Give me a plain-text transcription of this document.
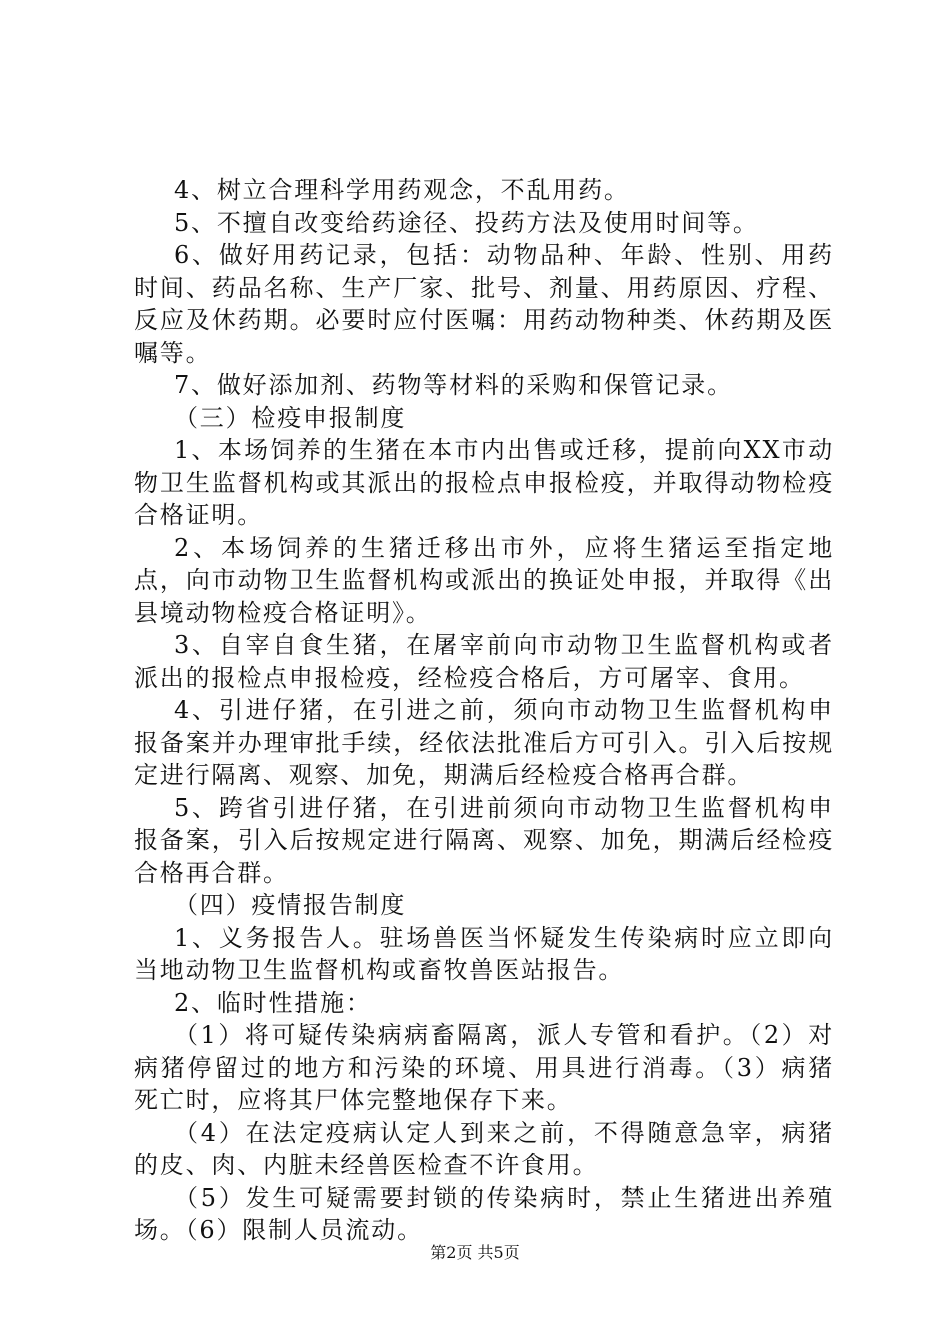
4、树立合理科学用药观念，不乱用药。

5、不擅自改变给药途径、投药方法及使用时间等。

6、做好用药记录，包括：动物品种、年龄、性别、用药时间、药品名称、生产厂家、批号、剂量、用药原因、疗程、反应及休药期。必要时应付医嘱：用药动物种类、休药期及医嘱等。

7、做好添加剂、药物等材料的采购和保管记录。

（三）检疫申报制度

1、本场饲养的生猪在本市内出售或迁移，提前向XX市动物卫生监督机构或其派出的报检点申报检疫，并取得动物检疫合格证明。

2、本场饲养的生猪迁移出市外，应将生猪运至指定地点，向市动物卫生监督机构或派出的换证处申报，并取得《出县境动物检疫合格证明》。

3、自宰自食生猪，在屠宰前向市动物卫生监督机构或者派出的报检点申报检疫，经检疫合格后，方可屠宰、食用。

4、引进仔猪，在引进之前，须向市动物卫生监督机构申报备案并办理审批手续，经依法批准后方可引入。引入后按规定进行隔离、观察、加免，期满后经检疫合格再合群。

5、跨省引进仔猪，在引进前须向市动物卫生监督机构申报备案，引入后按规定进行隔离、观察、加免，期满后经检疫合格再合群。

（四）疫情报告制度

1、义务报告人。驻场兽医当怀疑发生传染病时应立即向当地动物卫生监督机构或畜牧兽医站报告。

2、临时性措施：

（1）将可疑传染病病畜隔离，派人专管和看护。（2）对病猪停留过的地方和污染的环境、用具进行消毒。（3）病猪死亡时，应将其尸体完整地保存下来。

（4）在法定疫病认定人到来之前，不得随意急宰，病猪的皮、肉、内脏未经兽医检查不许食用。

（5）发生可疑需要封锁的传染病时，禁止生猪进出养殖场。（6）限制人员流动。

第2页 共5页
